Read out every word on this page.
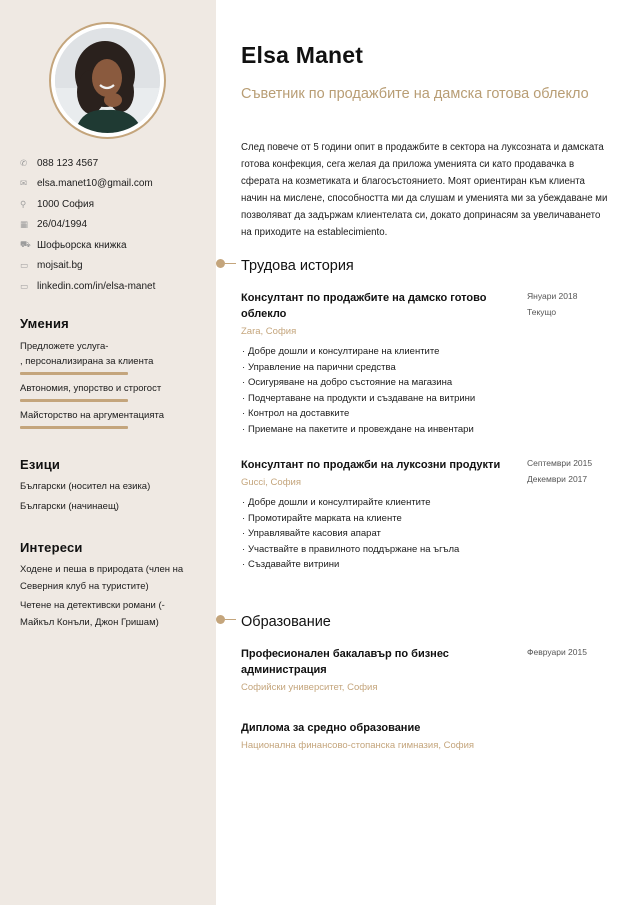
✆ 088 123 4567
✉ elsa.manet10@gmail.com
⚲	1000 София
▦ 26/04/1994
⛟ Шофьорска книжка
▭ mojsait.bg
▭ linkedin.com/in/elsa-manet
Умения
Предложете услуга-
, персонализирана за клиента
Автономия, упорство и строгост
Майсторство на аргументацията
Езици
Български (носител на езика)
Български (начинаещ)
Интереси
Ходене и пеша в природата (член на Северния клуб на туристите)
Четене на детективски романи (- Майкъл Конъли, Джон Гришам)
Elsa Manet
Съветник по продажбите на дамска готова облекло
След повече от 5 години опит в продажбите в сектора на луксозната и дамската готова конфекция, сега желая да приложа уменията си като продавачка в сферата на козметиката и благосъстоянието. Моят ориентиран към клиента начин на мислене, способността ми да слушам и уменията ми за убеждаване ми позволяват да задържам клиентелата си, докато допринасям за увеличаването на приходите на establecimiento.
Трудова история
Консултант по продажбите на дамско готово облекло
Zara, София
· Добре дошли и консултиране на клиентите
· Управление на парични средства
· Осигуряване на добро състояние на магазина
· Подчертаване на продукти и създаване на витрини
· Контрол на доставките
· Приемане на пакетите и провеждане на инвентари
Януари 2018
Текущо
Консултант по продажби на луксозни продукти
Gucci, София
· Добре дошли и консултирайте клиентите
· Промотирайте марката на клиенте
· Управлявайте касовия апарат
· Участвайте в правилното поддържане на ъгъла
· Създавайте витрини
Септември 2015
Декември 2017
Образование
Професионален бакалавър по бизнес администрация
Софийски университет, София
Февруари 2015
Диплома за средно образование
Национална финансово-стопанска гимназия, София
